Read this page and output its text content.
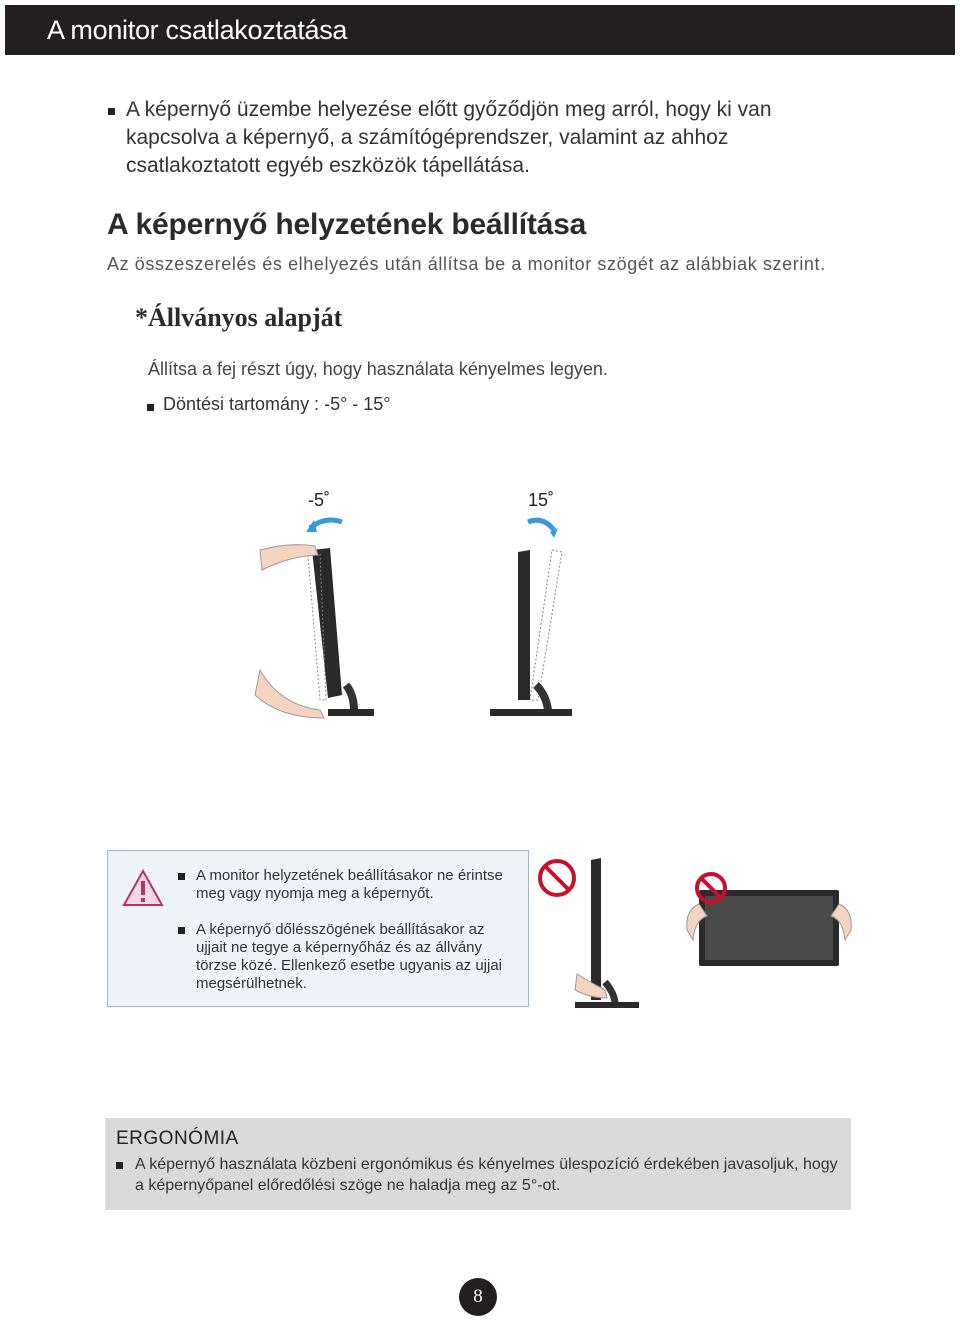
A monitor csatlakoztatása
A képernyő üzembe helyezése előtt győződjön meg arról, hogy ki van kapcsolva a képernyő, a számítógéprendszer, valamint az ahhoz csatlakoztatott egyéb eszközök tápellátása.
A képernyő helyzetének beállítása
Az összeszerelés és elhelyezés után állítsa be a monitor szögét az alábbiak szerint.
*Állványos alapját
Állítsa a fej részt úgy, hogy használata kényelmes legyen.
Döntési tartomány : -5° - 15°
-5˚	15˚
A monitor helyzetének beállításakor ne érintse meg vagy nyomja meg a képernyőt.
A képernyő dőlésszögének beállításakor az ujjait ne tegye a képernyőház és az állvány törzse közé. Ellenkező esetbe ugyanis az ujjai megsérülhetnek.
ERGONÓMIA
A képernyő használata közbeni ergonómikus és kényelmes ülespozíció érdekében javasoljuk, hogy a képernyőpanel előredőlési szöge ne haladja meg az 5°-ot.
8
